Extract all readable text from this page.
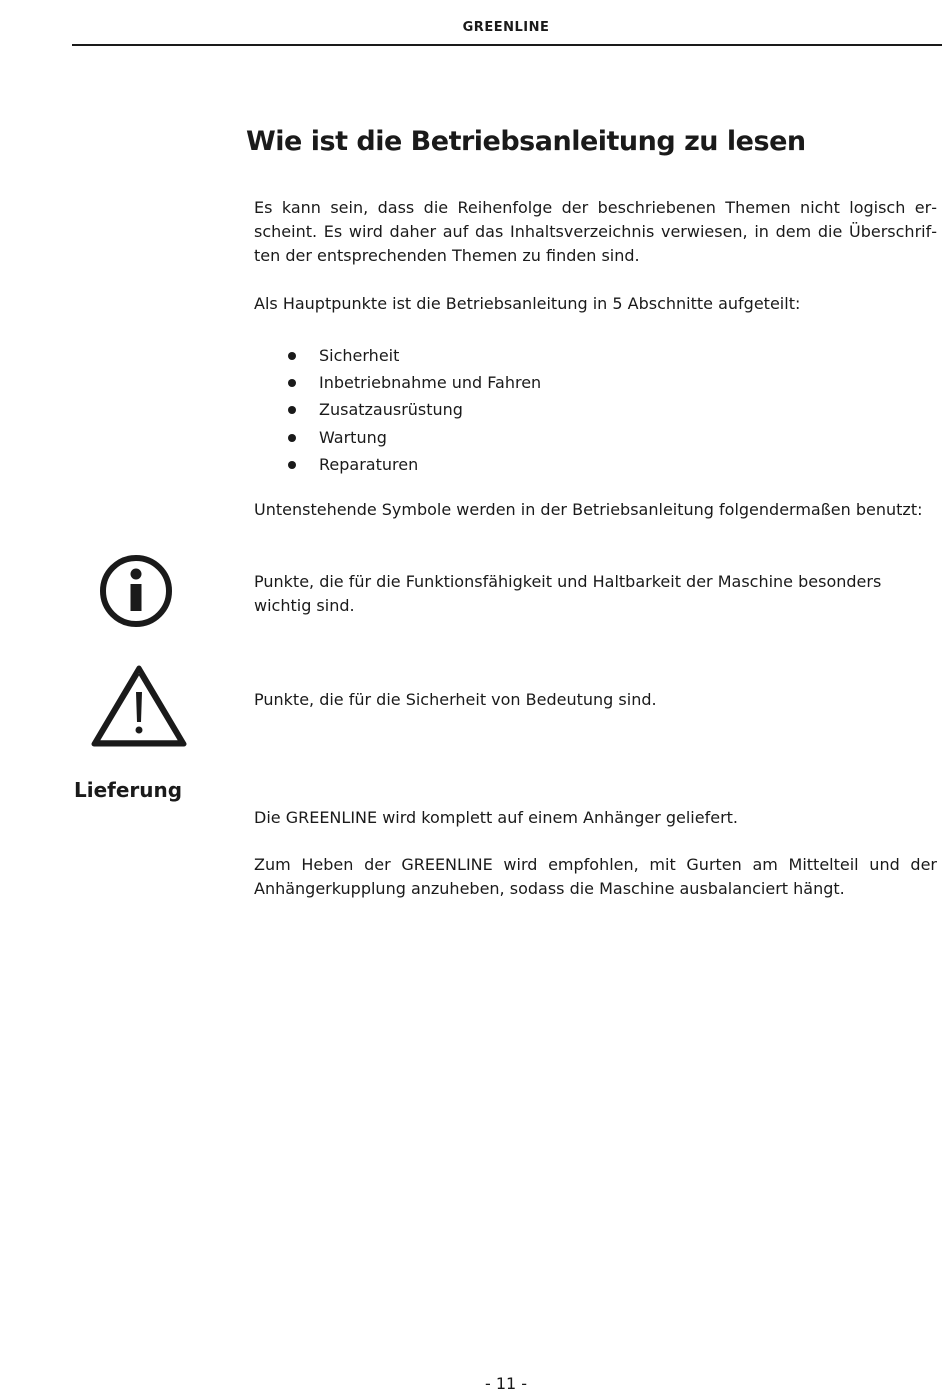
GREENLINE
Wie ist die Betriebsanleitung zu lesen

Es kann sein, dass die Reihenfolge der beschriebenen Themen nicht logisch erscheint. Es wird daher auf das Inhaltsverzeichnis verwiesen, in dem die Überschriften der entsprechenden Themen zu finden sind.

Als Hauptpunkte ist die Betriebsanleitung in 5 Abschnitte aufgeteilt:

Sicherheit
Inbetriebnahme und Fahren
Zusatzausrüstung
Wartung
Reparaturen

Untenstehende Symbole werden in der Betriebsanleitung folgendermaßen benutzt:

Punkte, die für die Funktionsfähigkeit und Haltbarkeit der Maschine besonders wichtig sind.

Punkte, die für die Sicherheit von Bedeutung sind.

Lieferung

Die GREENLINE wird komplett auf einem Anhänger geliefert.

Zum Heben der GREENLINE wird empfohlen, mit Gurten am Mittelteil und der Anhängerkupplung anzuheben, sodass die Maschine ausbalanciert hängt.

- 11 -
